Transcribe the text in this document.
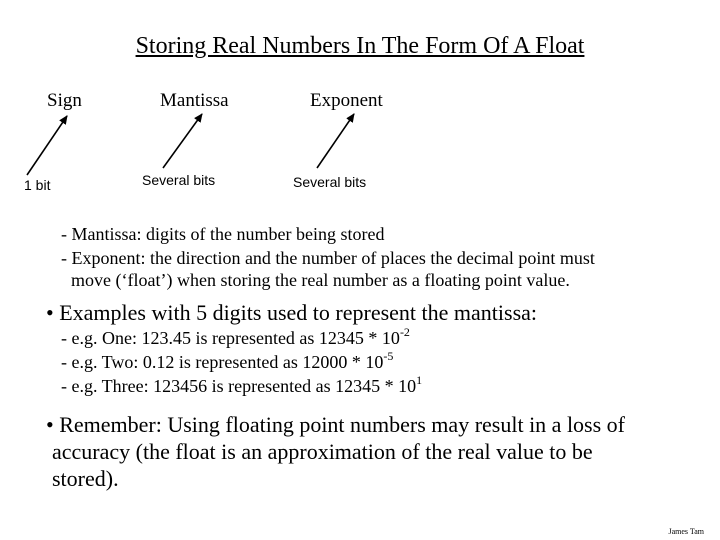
Storing Real Numbers In The Form Of A Float
Sign	Mantissa	Exponent
1 bit	Several bits	Several bits
- Mantissa: digits of the number being stored
- Exponent: the direction and the number of places the decimal point must
move (‘float’) when storing the real number as a floating point value.
• Examples with 5 digits used to represent the mantissa:
- e.g. One: 123.45 is represented as $12345 * 10^{-2}$
- e.g. Two: 0.12 is represented as $12000 * 10^{-5}$
- e.g. Three: 123456 is represented as $12345 * 10^1$
• Remember: Using floating point numbers may result in a loss of
accuracy (the float is an approximation of the real value to be
stored).
James Tam
